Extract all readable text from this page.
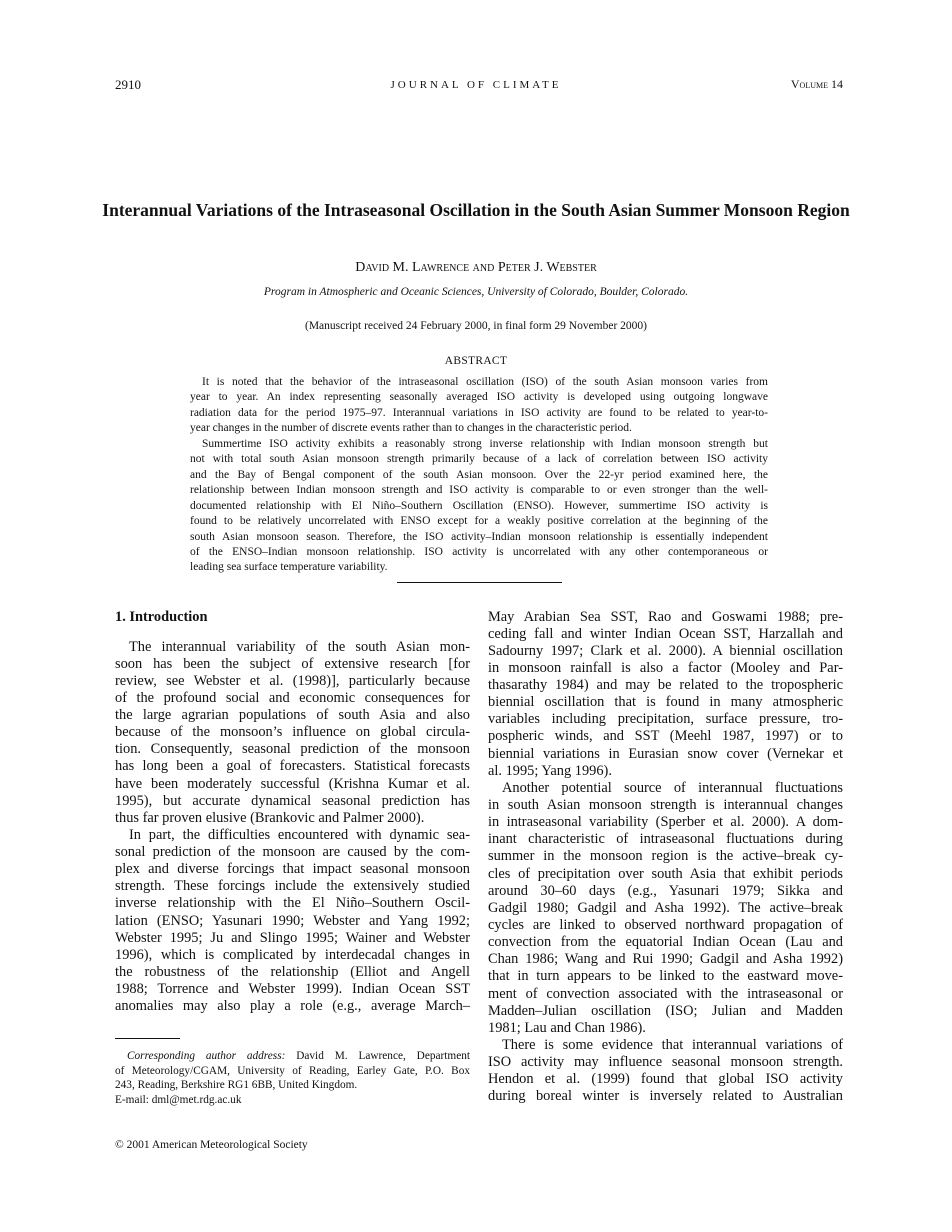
2910	JOURNAL OF CLIMATE	Volume 14
Interannual Variations of the Intraseasonal Oscillation in the South Asian Summer Monsoon Region
David M. Lawrence and Peter J. Webster
Program in Atmospheric and Oceanic Sciences, University of Colorado, Boulder, Colorado.
(Manuscript received 24 February 2000, in final form 29 November 2000)
ABSTRACT
It is noted that the behavior of the intraseasonal oscillation (ISO) of the south Asian monsoon varies from
year to year. An index representing seasonally averaged ISO activity is developed using outgoing longwave
radiation data for the period 1975–97. Interannual variations in ISO activity are found to be related to year-to-
year changes in the number of discrete events rather than to changes in the characteristic period.
Summertime ISO activity exhibits a reasonably strong inverse relationship with Indian monsoon strength but
not with total south Asian monsoon strength primarily because of a lack of correlation between ISO activity
and the Bay of Bengal component of the south Asian monsoon. Over the 22-yr period examined here, the
relationship between Indian monsoon strength and ISO activity is comparable to or even stronger than the well-
documented relationship with El Niño–Southern Oscillation (ENSO). However, summertime ISO activity is
found to be relatively uncorrelated with ENSO except for a weakly positive correlation at the beginning of the
south Asian monsoon season. Therefore, the ISO activity–Indian monsoon relationship is essentially independent
of the ENSO–Indian monsoon relationship. ISO activity is uncorrelated with any other contemporaneous or
leading sea surface temperature variability.
1. Introduction
The interannual variability of the south Asian mon-
soon has been the subject of extensive research [for
review, see Webster et al. (1998)], particularly because
of the profound social and economic consequences for
the large agrarian populations of south Asia and also
because of the monsoon’s influence on global circula-
tion. Consequently, seasonal prediction of the monsoon
has long been a goal of forecasters. Statistical forecasts
have been moderately successful (Krishna Kumar et al.
1995), but accurate dynamical seasonal prediction has
thus far proven elusive (Brankovic and Palmer 2000).
In part, the difficulties encountered with dynamic sea-
sonal prediction of the monsoon are caused by the com-
plex and diverse forcings that impact seasonal monsoon
strength. These forcings include the extensively studied
inverse relationship with the El Niño–Southern Oscil-
lation (ENSO; Yasunari 1990; Webster and Yang 1992;
Webster 1995; Ju and Slingo 1995; Wainer and Webster
1996), which is complicated by interdecadal changes in
the robustness of the relationship (Elliot and Angell
1988; Torrence and Webster 1999). Indian Ocean SST
anomalies may also play a role (e.g., average March–
May Arabian Sea SST, Rao and Goswami 1988; pre-
ceding fall and winter Indian Ocean SST, Harzallah and
Sadourny 1997; Clark et al. 2000). A biennial oscillation
in monsoon rainfall is also a factor (Mooley and Par-
thasarathy 1984) and may be related to the tropospheric
biennial oscillation that is found in many atmospheric
variables including precipitation, surface pressure, tro-
pospheric winds, and SST (Meehl 1987, 1997) or to
biennial variations in Eurasian snow cover (Vernekar et
al. 1995; Yang 1996).
Another potential source of interannual fluctuations
in south Asian monsoon strength is interannual changes
in intraseasonal variability (Sperber et al. 2000). A dom-
inant characteristic of intraseasonal fluctuations during
summer in the monsoon region is the active–break cy-
cles of precipitation over south Asia that exhibit periods
around 30–60 days (e.g., Yasunari 1979; Sikka and
Gadgil 1980; Gadgil and Asha 1992). The active–break
cycles are linked to observed northward propagation of
convection from the equatorial Indian Ocean (Lau and
Chan 1986; Wang and Rui 1990; Gadgil and Asha 1992)
that in turn appears to be linked to the eastward move-
ment of convection associated with the intraseasonal or
Madden–Julian oscillation (ISO; Julian and Madden
1981; Lau and Chan 1986).
There is some evidence that interannual variations of
ISO activity may influence seasonal monsoon strength.
Hendon et al. (1999) found that global ISO activity
during boreal winter is inversely related to Australian
Corresponding author address: David M. Lawrence, Department
of Meteorology/CGAM, University of Reading, Earley Gate, P.O. Box
243, Reading, Berkshire RG1 6BB, United Kingdom.
E-mail: dml@met.rdg.ac.uk
© 2001 American Meteorological Society
